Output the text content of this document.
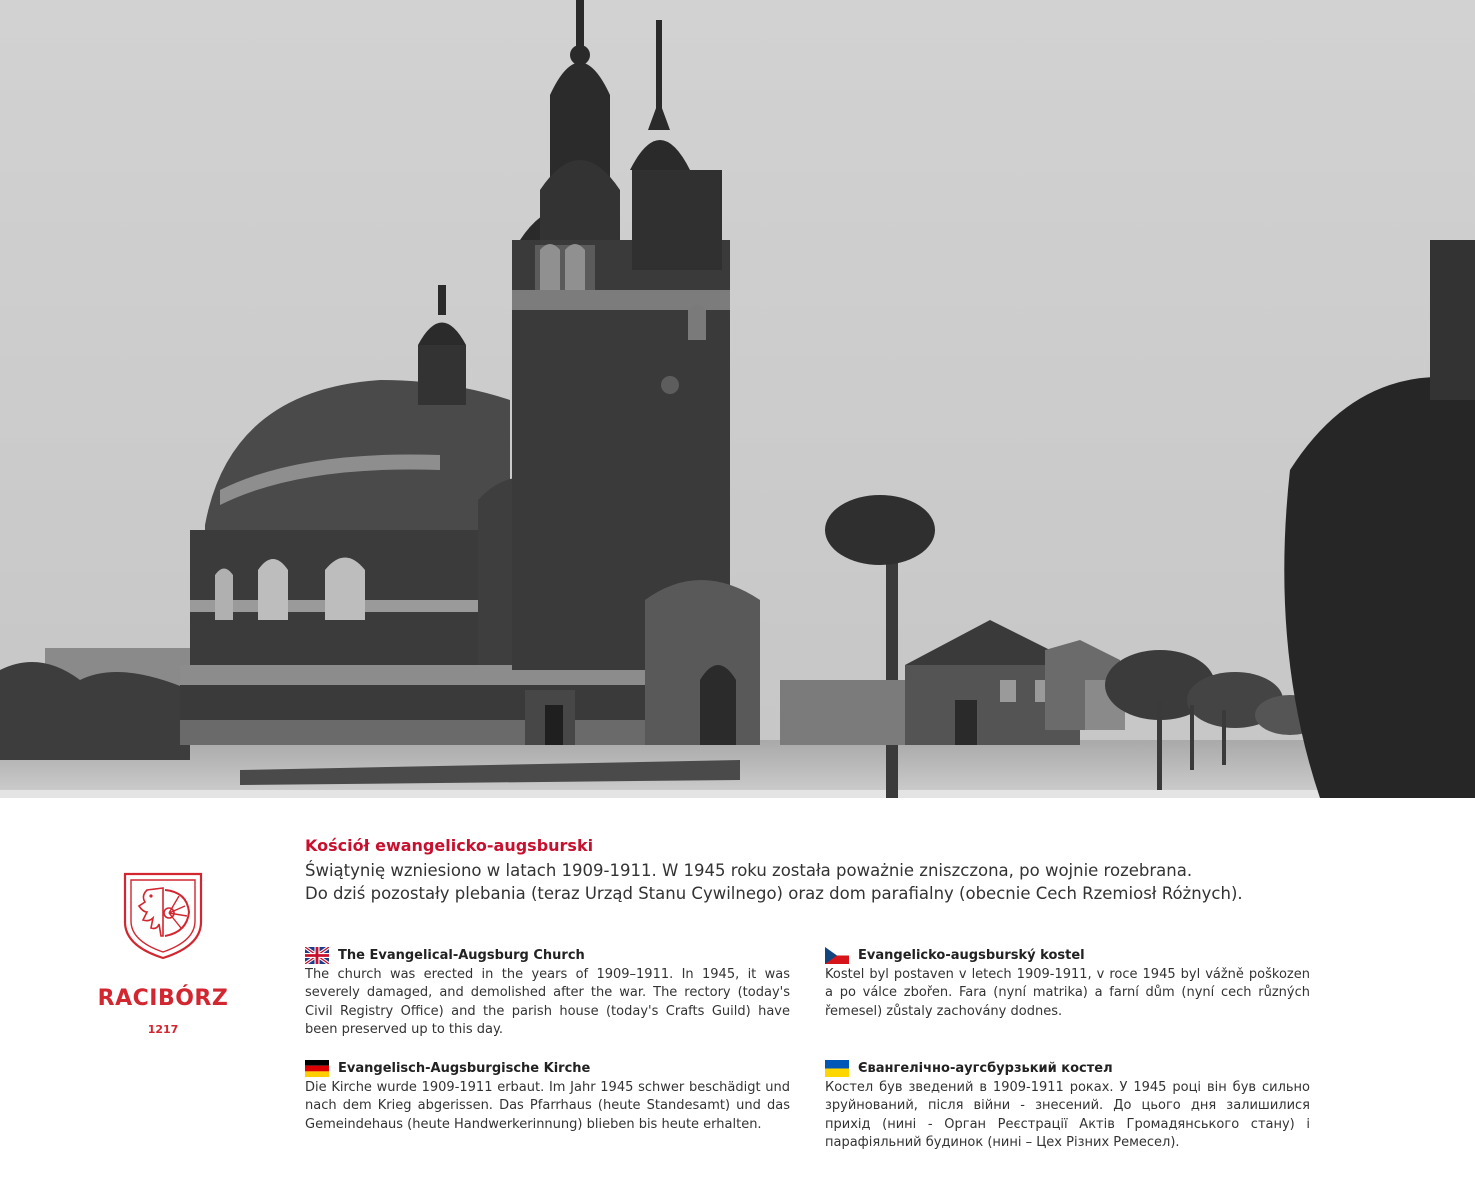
RACIBÓRZ
1217
Kościół ewangelicko-augsburski
Świątynię wzniesiono w latach 1909-1911. W 1945 roku została poważnie zniszczona, po wojnie rozebrana.
Do dziś pozostały plebania (teraz Urząd Stanu Cywilnego) oraz dom parafialny (obecnie Cech Rzemiosł Różnych).
The Evangelical-Augsburg Church
The church was erected in the years of 1909–1911. In 1945, it was severely damaged, and demolished after the war. The rectory (today's Civil Registry Office) and the parish house (today's Crafts Guild) have been preserved up to this day.
Evangelicko-augsburský kostel
Kostel byl postaven v letech 1909-1911, v roce 1945 byl vážně poškozen a po válce zbořen. Fara (nyní matrika) a farní dům (nyní cech různých řemesel) zůstaly zachovány dodnes.
Evangelisch-Augsburgische Kirche
Die Kirche wurde 1909-1911 erbaut. Im Jahr 1945 schwer beschädigt und nach dem Krieg abgerissen. Das Pfarrhaus (heute Standesamt) und das Gemeindehaus (heute Handwerkerinnung) blieben bis heute erhalten.
Євангелічно-аугсбурзький костел
Костел був зведений в 1909-1911 роках. У 1945 році він був сильно зруйнований, після війни - знесений. До цього дня залишилися прихід (нині - Орган Реєстрації Актів Громадянського стану) і парафіяльний будинок (нині – Цех Різних Ремесел).
